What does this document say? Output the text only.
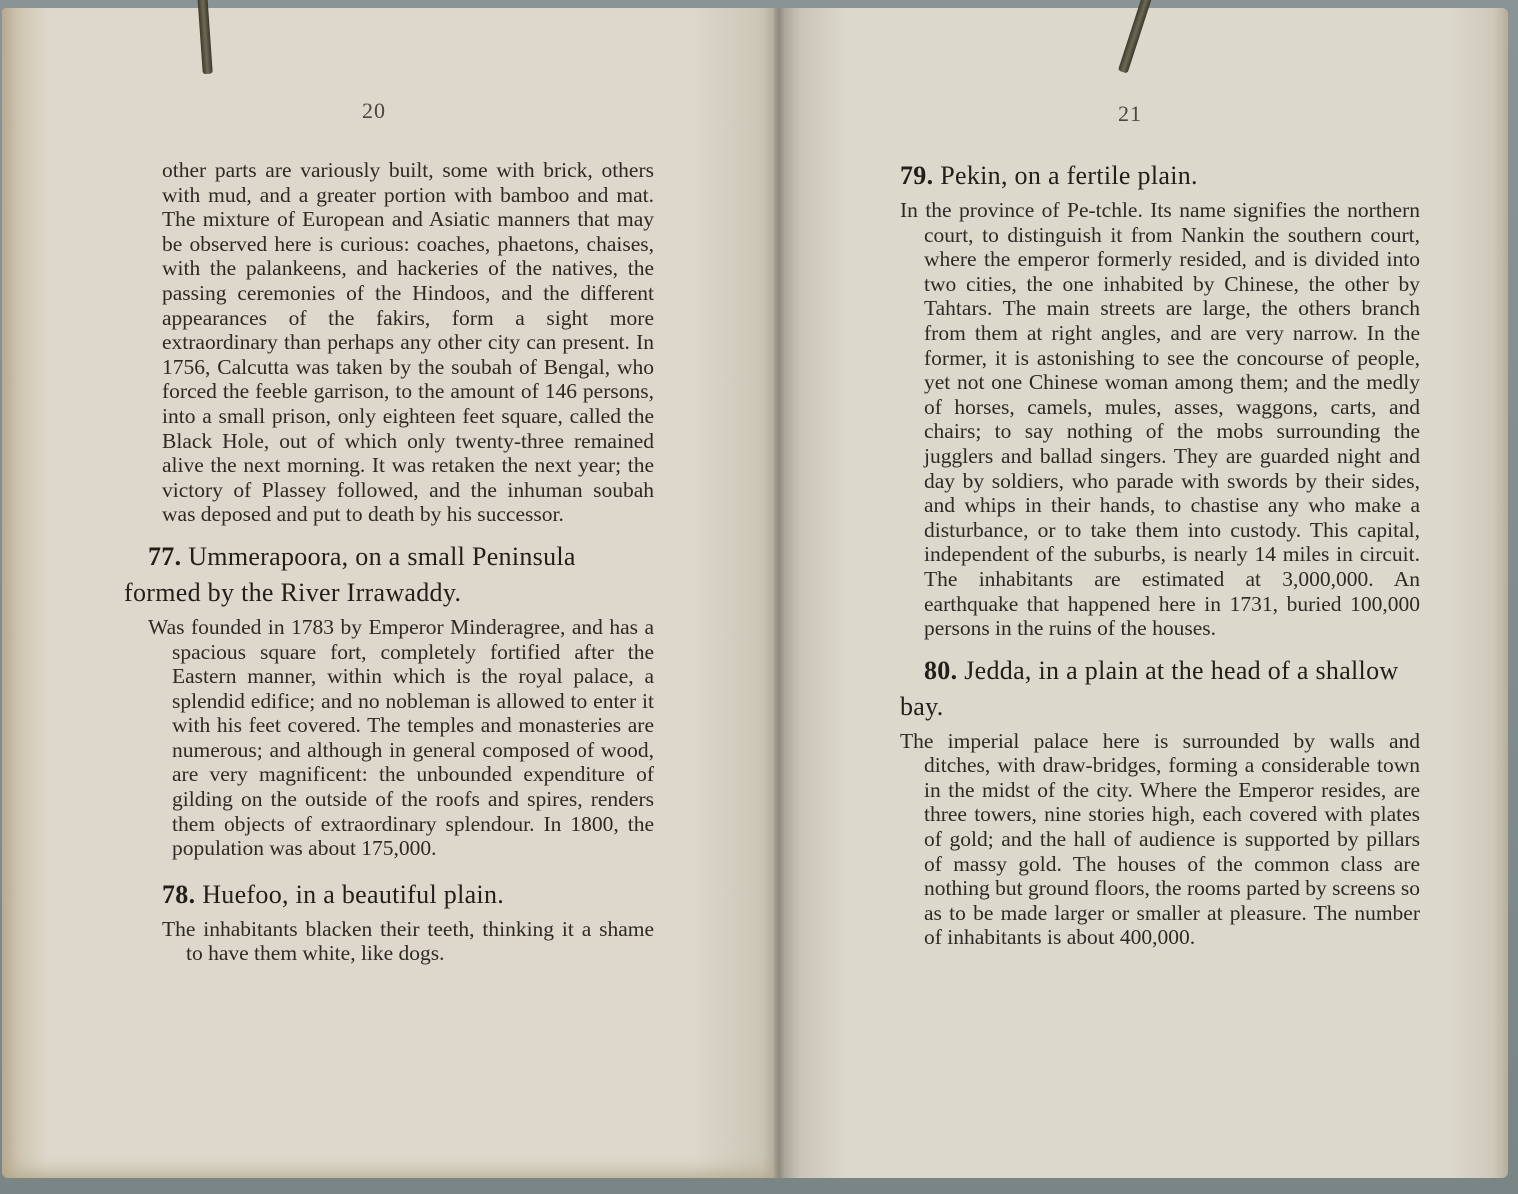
20

other parts are variously built, some with brick, others with mud, and a greater portion with bamboo and mat. The mixture of European and Asiatic manners that may be observed here is curious: coaches, phaetons, chaises, with the palankeens, and hackeries of the natives, the passing ceremonies of the Hindoos, and the different appearances of the fakirs, form a sight more extraordinary than perhaps any other city can present. In 1756, Calcutta was taken by the soubah of Bengal, who forced the feeble garrison, to the amount of 146 persons, into a small prison, only eighteen feet square, called the Black Hole, out of which only twenty-three remained alive the next morning. It was retaken the next year; the victory of Plassey followed, and the inhuman soubah was deposed and put to death by his successor.

77. Ummerapoora, on a small Peninsula formed by the River Irrawaddy.

Was founded in 1783 by Emperor Minderagree, and has a spacious square fort, completely fortified after the Eastern manner, within which is the royal palace, a splendid edifice; and no nobleman is allowed to enter it with his feet covered. The temples and monasteries are numerous; and although in general composed of wood, are very magnificent: the unbounded expenditure of gilding on the outside of the roofs and spires, renders them objects of extraordinary splendour. In 1800, the population was about 175,000.

78. Huefoo, in a beautiful plain.

The inhabitants blacken their teeth, thinking it a shame to have them white, like dogs.

21
79. Pekin, on a fertile plain.

In the province of Pe-tchle. Its name signifies the northern court, to distinguish it from Nankin the southern court, where the emperor formerly resided, and is divided into two cities, the one inhabited by Chinese, the other by Tahtars. The main streets are large, the others branch from them at right angles, and are very narrow. In the former, it is astonishing to see the concourse of people, yet not one Chinese woman among them; and the medly of horses, camels, mules, asses, waggons, carts, and chairs; to say nothing of the mobs surrounding the jugglers and ballad singers. They are guarded night and day by soldiers, who parade with swords by their sides, and whips in their hands, to chastise any who make a disturbance, or to take them into custody. This capital, independent of the suburbs, is nearly 14 miles in circuit. The inhabitants are estimated at 3,000,000. An earthquake that happened here in 1731, buried 100,000 persons in the ruins of the houses.

80. Jedda, in a plain at the head of a shallow bay.

The imperial palace here is surrounded by walls and ditches, with draw-bridges, forming a considerable town in the midst of the city. Where the Emperor resides, are three towers, nine stories high, each covered with plates of gold; and the hall of audience is supported by pillars of massy gold. The houses of the common class are nothing but ground floors, the rooms parted by screens so as to be made larger or smaller at pleasure. The number of inhabitants is about 400,000.
